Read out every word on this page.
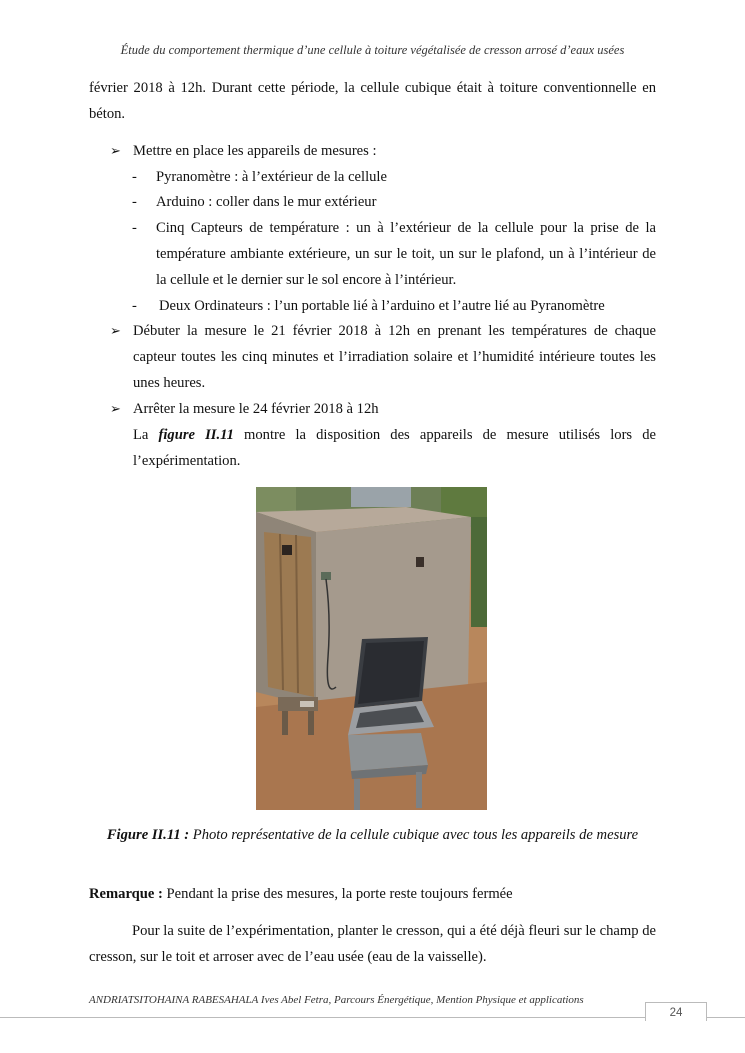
Étude du comportement thermique d’une cellule à toiture végétalisée de cresson arrosé d’eaux usées
février 2018 à 12h. Durant cette période, la cellule cubique était à toiture conventionnelle en béton.
➢ Mettre en place les appareils de mesures :
- Pyranomètre : à l’extérieur de la cellule
- Arduino : coller dans le mur extérieur
- Cinq Capteurs de température : un à l’extérieur de la cellule pour la prise de la température ambiante extérieure, un sur le toit, un sur le plafond, un à l’intérieur de la cellule et le dernier sur le sol encore à l’intérieur.
- Deux Ordinateurs : l’un portable lié à l’arduino et l’autre lié au Pyranomètre
➢ Débuter la mesure le 21 février 2018 à 12h en prenant les températures de chaque capteur toutes les cinq minutes et l’irradiation solaire et l’humidité intérieure toutes les unes heures.
➢ Arrêter la mesure le 24 février 2018 à 12h
La figure II.11 montre la disposition des appareils de mesure utilisés lors de l’expérimentation.
Figure II.11 : Photo représentative de la cellule cubique avec tous les appareils de mesure
Remarque : Pendant la prise des mesures, la porte reste toujours fermée
Pour la suite de l’expérimentation, planter le cresson, qui a été déjà fleuri sur le champ de cresson, sur le toit et arroser avec de l’eau usée (eau de la vaisselle).
ANDRIATSITOHAINA RABESAHALA Ives Abel Fetra, Parcours Énergétique, Mention Physique et applications
24
